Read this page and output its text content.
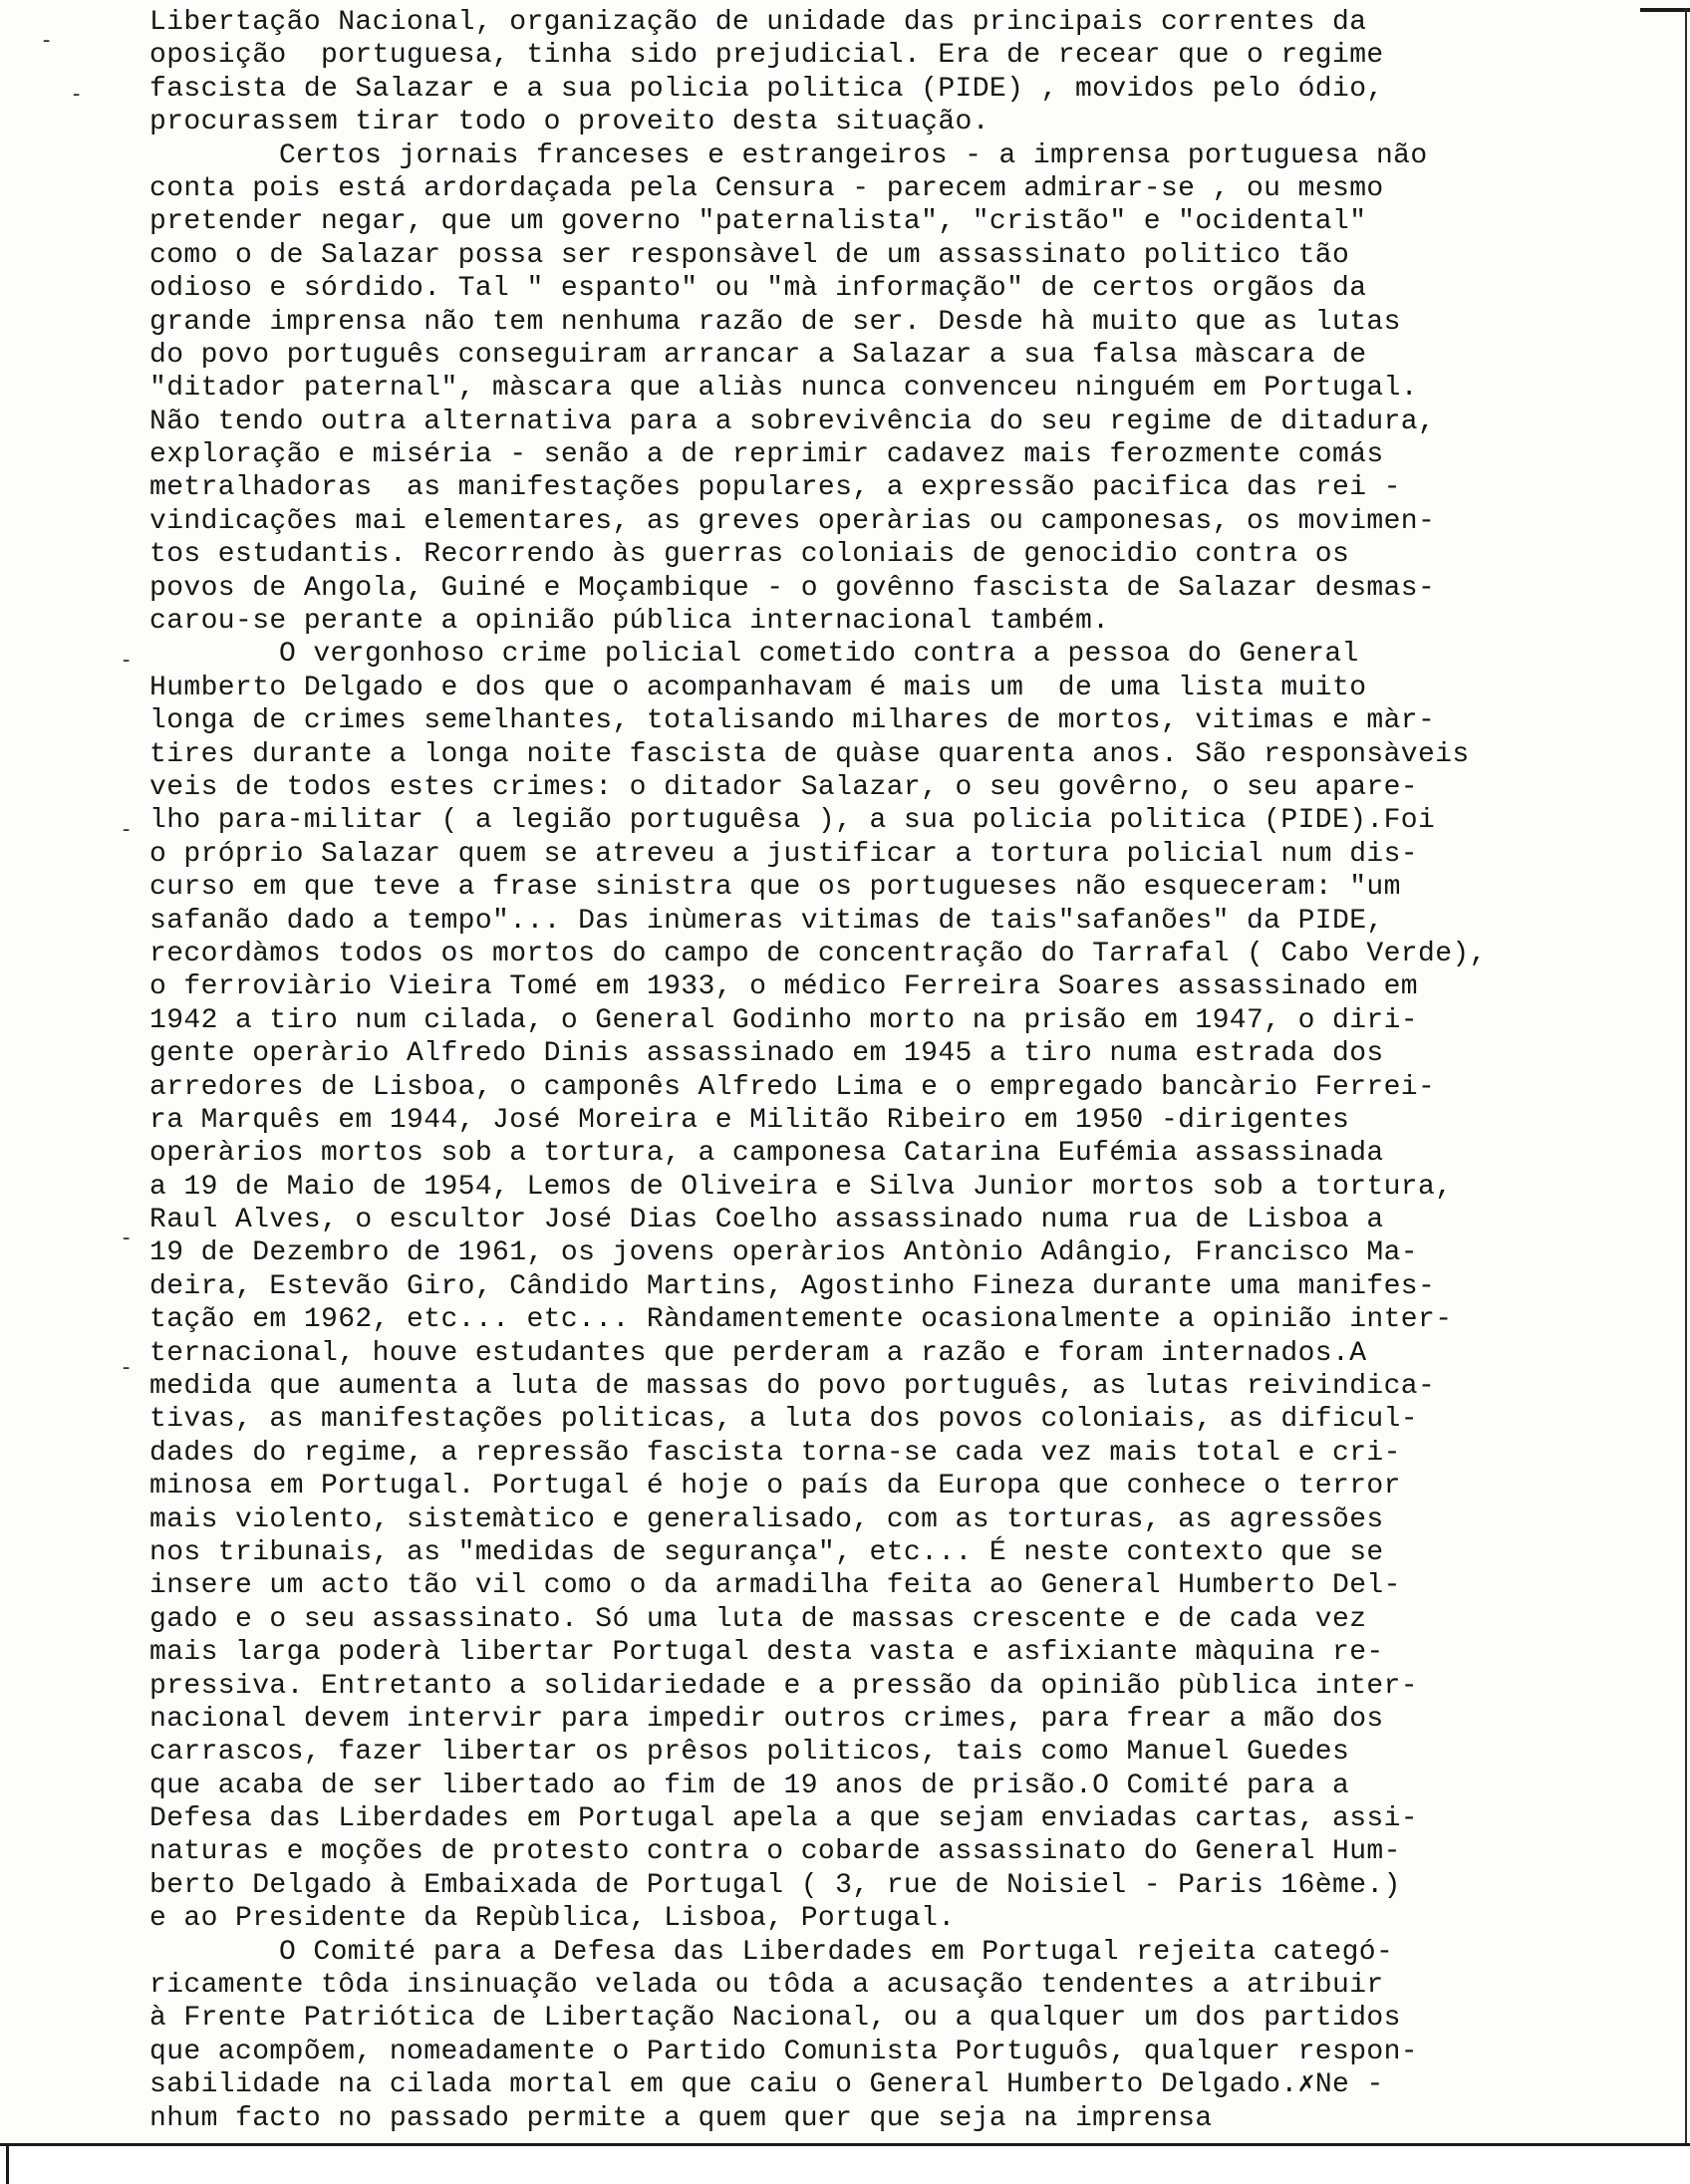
-
-
-
-
-
-
Libertação Nacional, organização de unidade das principais correntes da
oposição  portuguesa, tinha sido prejudicial. Era de recear que o regime
fascista de Salazar e a sua policia politica (PIDE) , movidos pelo ódio,
procurassem tirar todo o proveito desta situação.
Certos jornais franceses e estrangeiros - a imprensa portuguesa não
conta pois está ardordaçada pela Censura - parecem admirar-se , ou mesmo
pretender negar, que um governo "paternalista", "cristão" e "ocidental"
como o de Salazar possa ser responsàvel de um assassinato politico tão
odioso e sórdido. Tal " espanto" ou "mà informação" de certos orgãos da
grande imprensa não tem nenhuma razão de ser. Desde hà muito que as lutas
do povo português conseguiram arrancar a Salazar a sua falsa màscara de
"ditador paternal", màscara que aliàs nunca convenceu ninguém em Portugal.
Não tendo outra alternativa para a sobrevivência do seu regime de ditadura,
exploração e miséria - senão a de reprimir cadavez mais ferozmente comás
metralhadoras  as manifestações populares, a expressão pacifica das rei -
vindicações mai elementares, as greves operàrias ou camponesas, os movimen-
tos estudantis. Recorrendo às guerras coloniais de genocidio contra os
povos de Angola, Guiné e Moçambique - o govênno fascista de Salazar desmas-
carou-se perante a opinião pública internacional também.
O vergonhoso crime policial cometido contra a pessoa do General
Humberto Delgado e dos que o acompanhavam é mais um  de uma lista muito
longa de crimes semelhantes, totalisando milhares de mortos, vitimas e màr-
tires durante a longa noite fascista de quàse quarenta anos. São responsàveis
veis de todos estes crimes: o ditador Salazar, o seu govêrno, o seu apare-
lho para-militar ( a legião portuguêsa ), a sua policia politica (PIDE).Foi
o próprio Salazar quem se atreveu a justificar a tortura policial num dis-
curso em que teve a frase sinistra que os portugueses não esqueceram: "um
safanão dado a tempo"... Das inùmeras vitimas de tais"safanões" da PIDE,
recordàmos todos os mortos do campo de concentração do Tarrafal ( Cabo Verde),
o ferroviàrio Vieira Tomé em 1933, o médico Ferreira Soares assassinado em
1942 a tiro num cilada, o General Godinho morto na prisão em 1947, o diri-
gente operàrio Alfredo Dinis assassinado em 1945 a tiro numa estrada dos
arredores de Lisboa, o camponês Alfredo Lima e o empregado bancàrio Ferrei-
ra Marquês em 1944, José Moreira e Militão Ribeiro em 1950 -dirigentes
operàrios mortos sob a tortura, a camponesa Catarina Eufémia assassinada
a 19 de Maio de 1954, Lemos de Oliveira e Silva Junior mortos sob a tortura,
Raul Alves, o escultor José Dias Coelho assassinado numa rua de Lisboa a
19 de Dezembro de 1961, os jovens operàrios Antònio Adângio, Francisco Ma-
deira, Estevão Giro, Cândido Martins, Agostinho Fineza durante uma manifes-
tação em 1962, etc... etc... Ràndamentemente ocasionalmente a opinião inter-
ternacional, houve estudantes que perderam a razão e foram internados.A
medida que aumenta a luta de massas do povo português, as lutas reivindica-
tivas, as manifestações politicas, a luta dos povos coloniais, as dificul-
dades do regime, a repressão fascista torna-se cada vez mais total e cri-
minosa em Portugal. Portugal é hoje o país da Europa que conhece o terror
mais violento, sistemàtico e generalisado, com as torturas, as agressões
nos tribunais, as "medidas de segurança", etc... É neste contexto que se
insere um acto tão vil como o da armadilha feita ao General Humberto Del-
gado e o seu assassinato. Só uma luta de massas crescente e de cada vez
mais larga poderà libertar Portugal desta vasta e asfixiante màquina re-
pressiva. Entretanto a solidariedade e a pressão da opinião pùblica inter-
nacional devem intervir para impedir outros crimes, para frear a mão dos
carrascos, fazer libertar os prêsos politicos, tais como Manuel Guedes
que acaba de ser libertado ao fim de 19 anos de prisão.O Comité para a
Defesa das Liberdades em Portugal apela a que sejam enviadas cartas, assi-
naturas e moções de protesto contra o cobarde assassinato do General Hum-
berto Delgado à Embaixada de Portugal ( 3, rue de Noisiel - Paris 16ème.)
e ao Presidente da Repùblica, Lisboa, Portugal.
O Comité para a Defesa das Liberdades em Portugal rejeita categó-
ricamente tôda insinuação velada ou tôda a acusação tendentes a atribuir
à Frente Patriótica de Libertação Nacional, ou a qualquer um dos partidos
que acompõem, nomeadamente o Partido Comunista Portuguôs, qualquer respon-
sabilidade na cilada mortal em que caiu o General Humberto Delgado.✗Ne -
nhum facto no passado permite a quem quer que seja na imprensa
